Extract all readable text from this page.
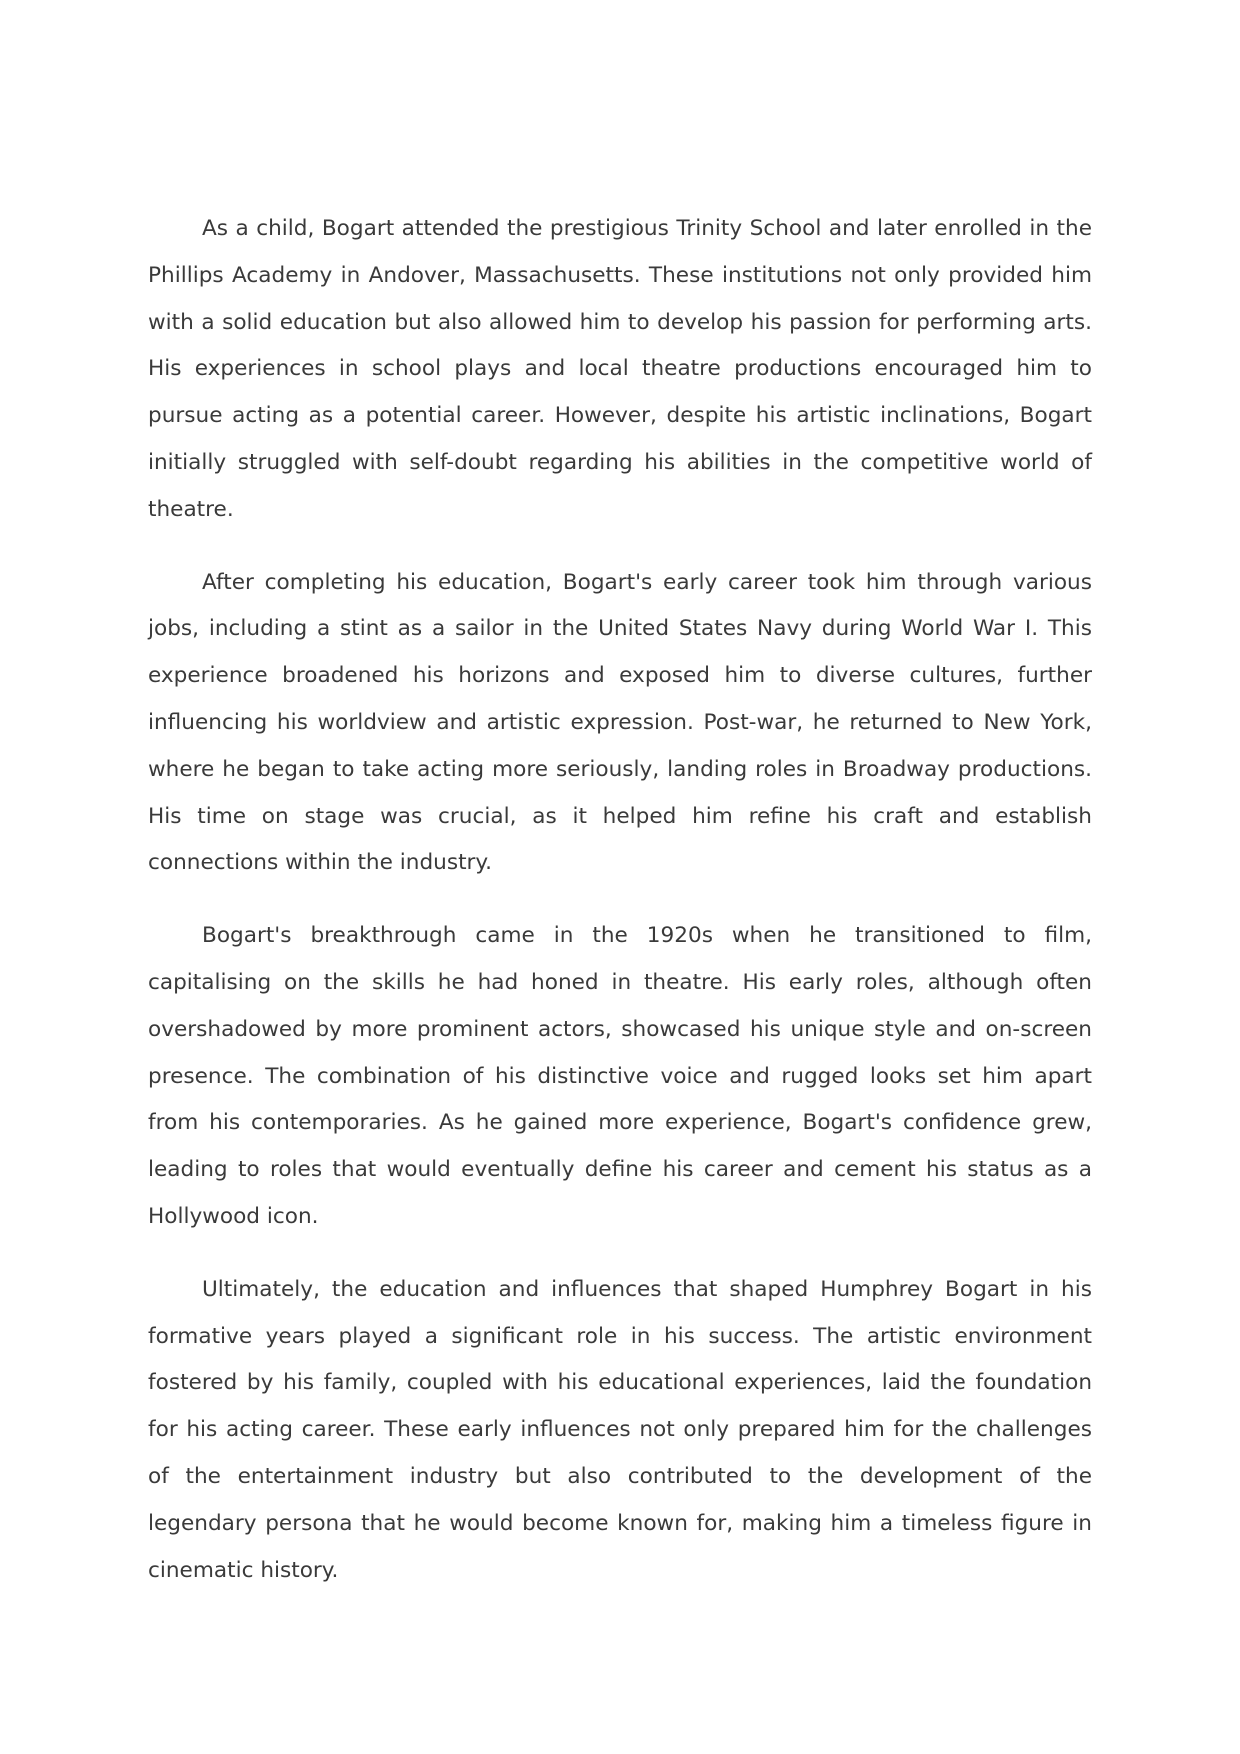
As a child, Bogart attended the prestigious Trinity School and later enrolled in the Phillips Academy in Andover, Massachusetts. These institutions not only provided him with a solid education but also allowed him to develop his passion for performing arts. His experiences in school plays and local theatre productions encouraged him to pursue acting as a potential career. However, despite his artistic inclinations, Bogart initially struggled with self-doubt regarding his abilities in the competitive world of theatre.

After completing his education, Bogart's early career took him through various jobs, including a stint as a sailor in the United States Navy during World War I. This experience broadened his horizons and exposed him to diverse cultures, further influencing his worldview and artistic expression. Post-war, he returned to New York, where he began to take acting more seriously, landing roles in Broadway productions. His time on stage was crucial, as it helped him refine his craft and establish connections within the industry.

Bogart's breakthrough came in the 1920s when he transitioned to film, capitalising on the skills he had honed in theatre. His early roles, although often overshadowed by more prominent actors, showcased his unique style and on-screen presence. The combination of his distinctive voice and rugged looks set him apart from his contemporaries. As he gained more experience, Bogart's confidence grew, leading to roles that would eventually define his career and cement his status as a Hollywood icon.

Ultimately, the education and influences that shaped Humphrey Bogart in his formative years played a significant role in his success. The artistic environment fostered by his family, coupled with his educational experiences, laid the foundation for his acting career. These early influences not only prepared him for the challenges of the entertainment industry but also contributed to the development of the legendary persona that he would become known for, making him a timeless figure in cinematic history.
